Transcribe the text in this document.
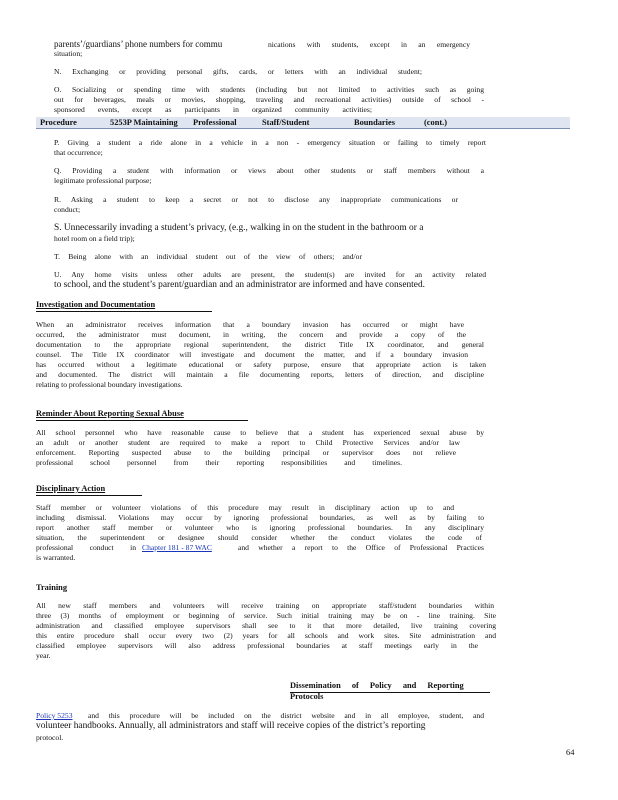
parents’/guardians’ phone numbers for commu	nications with students, except in an emergency
situation;
N. Exchanging or providing personal gifts, cards, or letters with an individual student;
O. Socializing or spending time with students (including but not limited to activities such as going
out for beverages, meals or movies, shopping, traveling and recreational activities) outside of school -
sponsored events, except as participants in organized community activities;
Procedure	5253P Maintaining Professional	Staff/Student	Boundaries	(cont.)
P. Giving a student a ride alone in a vehicle in a non - emergency situation or failing to timely report
that occurrence;
Q. Providing a student with information or views about other students or staff members without a
legitimate professional purpose;
R. Asking a student to keep a secret or not to disclose any inappropriate communications or
conduct;
S. Unnecessarily invading a student’s privacy, (e.g., walking in on the student in the bathroom or a
hotel room on a field trip);
T. Being alone with an individual student out of the view of others; and/or
U. Any home visits unless other adults are present, the student(s) are invited for an activity related
to school, and the student’s parent/guardian and an administrator are informed and have consented.
Investigation and Documentation
When an administrator receives information that a boundary invasion has occurred or might have
occurred, the administrator must document, in writing, the concern and provide a copy of the
documentation to the appropriate regional superintendent, the district Title IX coordinator, and general
counsel. The Title IX coordinator will investigate and document the matter, and if a boundary invasion
has occurred without a legitimate educational or safety purpose, ensure that appropriate action is taken
and documented. The district will maintain a file documenting reports, letters of direction, and discipline
relating to professional boundary investigations.
Reminder About Reporting Sexual Abuse
All school personnel who have reasonable cause to believe that a student has experienced sexual abuse by
an adult or another student are required to make a report to Child Protective Services and/or law
enforcement. Reporting suspected abuse to the building principal or supervisor does not relieve
professional school personnel from their reporting responsibilities and timelines.
Disciplinary Action
Staff member or volunteer violations of this procedure may result in disciplinary action up to and
including dismissal. Violations may occur by ignoring professional boundaries, as well as by failing to
report another staff member or volunteer who is ignoring professional boundaries. In any disciplinary
situation, the superintendent or designee should consider whether the conduct violates the code of
professional conduct in Chapter 181 - 87 WAC	and whether a report to the Office of Professional Practices
is warranted.
Training
All new staff members and volunteers will receive training on appropriate staff/student boundaries within
three (3) months of employment or beginning of service. Such initial training may be on - line training. Site
administration and classified employee supervisors shall see to it that more detailed, live training covering
this entire procedure shall occur every two (2) years for all schools and work sites. Site administration and
classified employee supervisors will also address professional boundaries at staff meetings early in the
year.
Dissemination of Policy and Reporting
Protocols
Policy 5253 and this procedure will be included on the district website and in all employee, student, and
volunteer handbooks. Annually, all administrators and staff will receive copies of the district’s reporting
protocol.
64
